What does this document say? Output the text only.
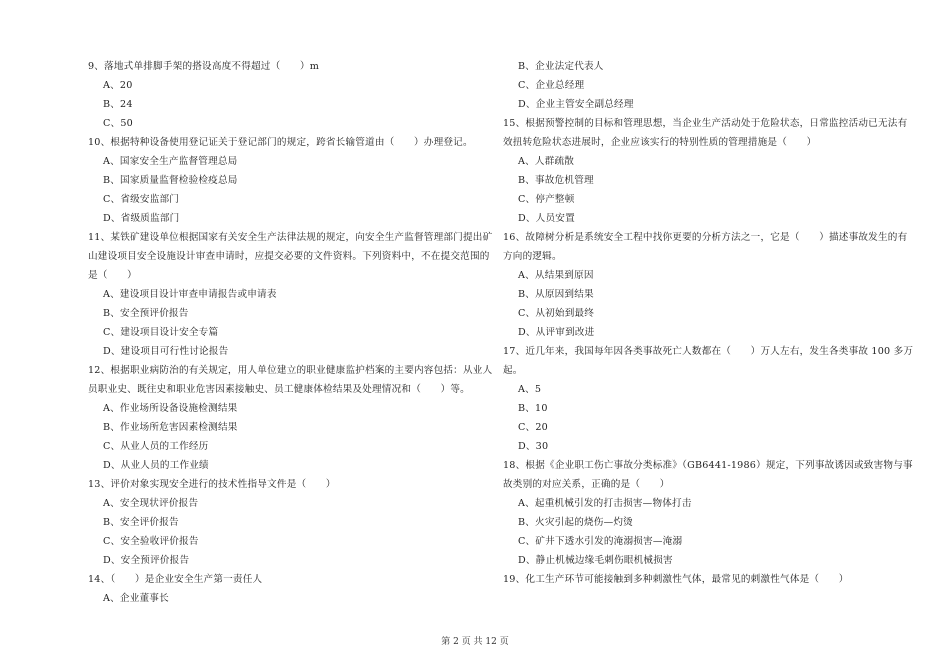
9、落地式单排脚手架的搭设高度不得超过（　　）m
A、20
B、24
C、50
10、根据特种设备使用登记证关于登记部门的规定，跨省长输管道由（　　）办理登记。
A、国家安全生产监督管理总局
B、国家质量监督检验检疫总局
C、省级安监部门
D、省级质监部门
11、某铁矿建设单位根据国家有关安全生产法律法规的规定，向安全生产监督管理部门提出矿
山建设项目安全设施设计审查申请时，应提交必要的文件资料。下列资料中，不在提交范围的
是（　　）
A、建设项目设计审查申请报告或申请表
B、安全预评价报告
C、建设项目设计安全专篇
D、建设项目可行性讨论报告
12、根据职业病防治的有关规定，用人单位建立的职业健康监护档案的主要内容包括：从业人
员职业史、既往史和职业危害因素接触史、员工健康体检结果及处理情况和（　　）等。
A、作业场所设备设施检测结果
B、作业场所危害因素检测结果
C、从业人员的工作经历
D、从业人员的工作业绩
13、评价对象实现安全进行的技术性指导文件是（　　）
A、安全现状评价报告
B、安全评价报告
C、安全验收评价报告
D、安全预评价报告
14、（　　）是企业安全生产第一责任人
A、企业董事长
B、企业法定代表人
C、企业总经理
D、企业主管安全副总经理
15、根据预警控制的目标和管理思想，当企业生产活动处于危险状态，日常监控活动已无法有
效扭转危险状态进展时，企业应该实行的特别性质的管理措施是（　　）
A、人群疏散
B、事故危机管理
C、停产整顿
D、人员安置
16、故障树分析是系统安全工程中找你更要的分析方法之一，它是（　　）描述事故发生的有
方向的逻辑。
A、从结果到原因
B、从原因到结果
C、从初始到最终
D、从评审到改进
17、近几年来，我国每年因各类事故死亡人数都在（　　）万人左右，发生各类事故 100 多万
起。
A、5
B、10
C、20
D、30
18、根据《企业职工伤亡事故分类标准》（GB6441-1986）规定，下列事故诱因或致害物与事
故类别的对应关系，正确的是（　　）
A、起重机械引发的打击损害—物体打击
B、火灾引起的烧伤—灼烫
C、矿井下透水引发的淹溺损害—淹溺
D、静止机械边缘毛刺伤眼机械损害
19、化工生产环节可能接触到多种刺激性气体，最常见的刺激性气体是（　　）
第 2 页 共 12 页
